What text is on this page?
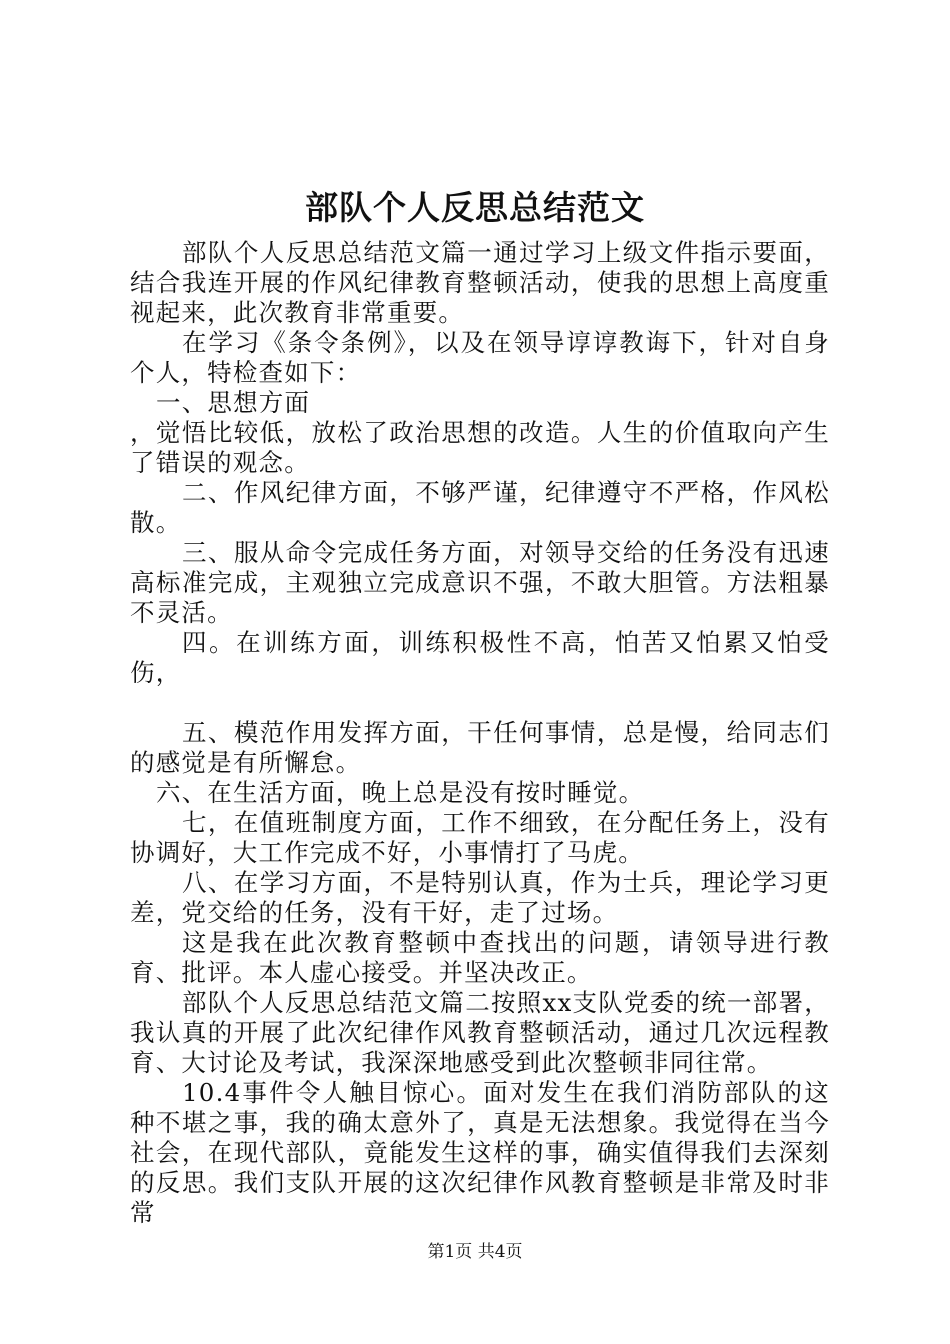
部队个人反思总结范文

部队个人反思总结范文篇一通过学习上级文件指示要面，结合我连开展的作风纪律教育整顿活动，使我的思想上高度重视起来，此次教育非常重要。

在学习《条令条例》，以及在领导谆谆教诲下，针对自身个人，特检查如下：

一、思想方面

，觉悟比较低，放松了政治思想的改造。人生的价值取向产生了错误的观念。

二、作风纪律方面，不够严谨，纪律遵守不严格，作风松散。

三、服从命令完成任务方面，对领导交给的任务没有迅速高标准完成，主观独立完成意识不强，不敢大胆管。方法粗暴不灵活。

四。在训练方面，训练积极性不高，怕苦又怕累又怕受伤，

五、模范作用发挥方面，干任何事情，总是慢，给同志们的感觉是有所懈怠。

六、在生活方面，晚上总是没有按时睡觉。

七，在值班制度方面，工作不细致，在分配任务上，没有协调好，大工作完成不好，小事情打了马虎。

八、在学习方面，不是特别认真，作为士兵，理论学习更差，党交给的任务，没有干好，走了过场。

这是我在此次教育整顿中查找出的问题，请领导进行教育、批评。本人虚心接受。并坚决改正。

部队个人反思总结范文篇二按照xx支队党委的统一部署，我认真的开展了此次纪律作风教育整顿活动，通过几次远程教育、大讨论及考试，我深深地感受到此次整顿非同往常。

10.4事件令人触目惊心。面对发生在我们消防部队的这种不堪之事，我的确太意外了，真是无法想象。我觉得在当今社会，在现代部队，竟能发生这样的事，确实值得我们去深刻的反思。我们支队开展的这次纪律作风教育整顿是非常及时非常

第1页 共4页
